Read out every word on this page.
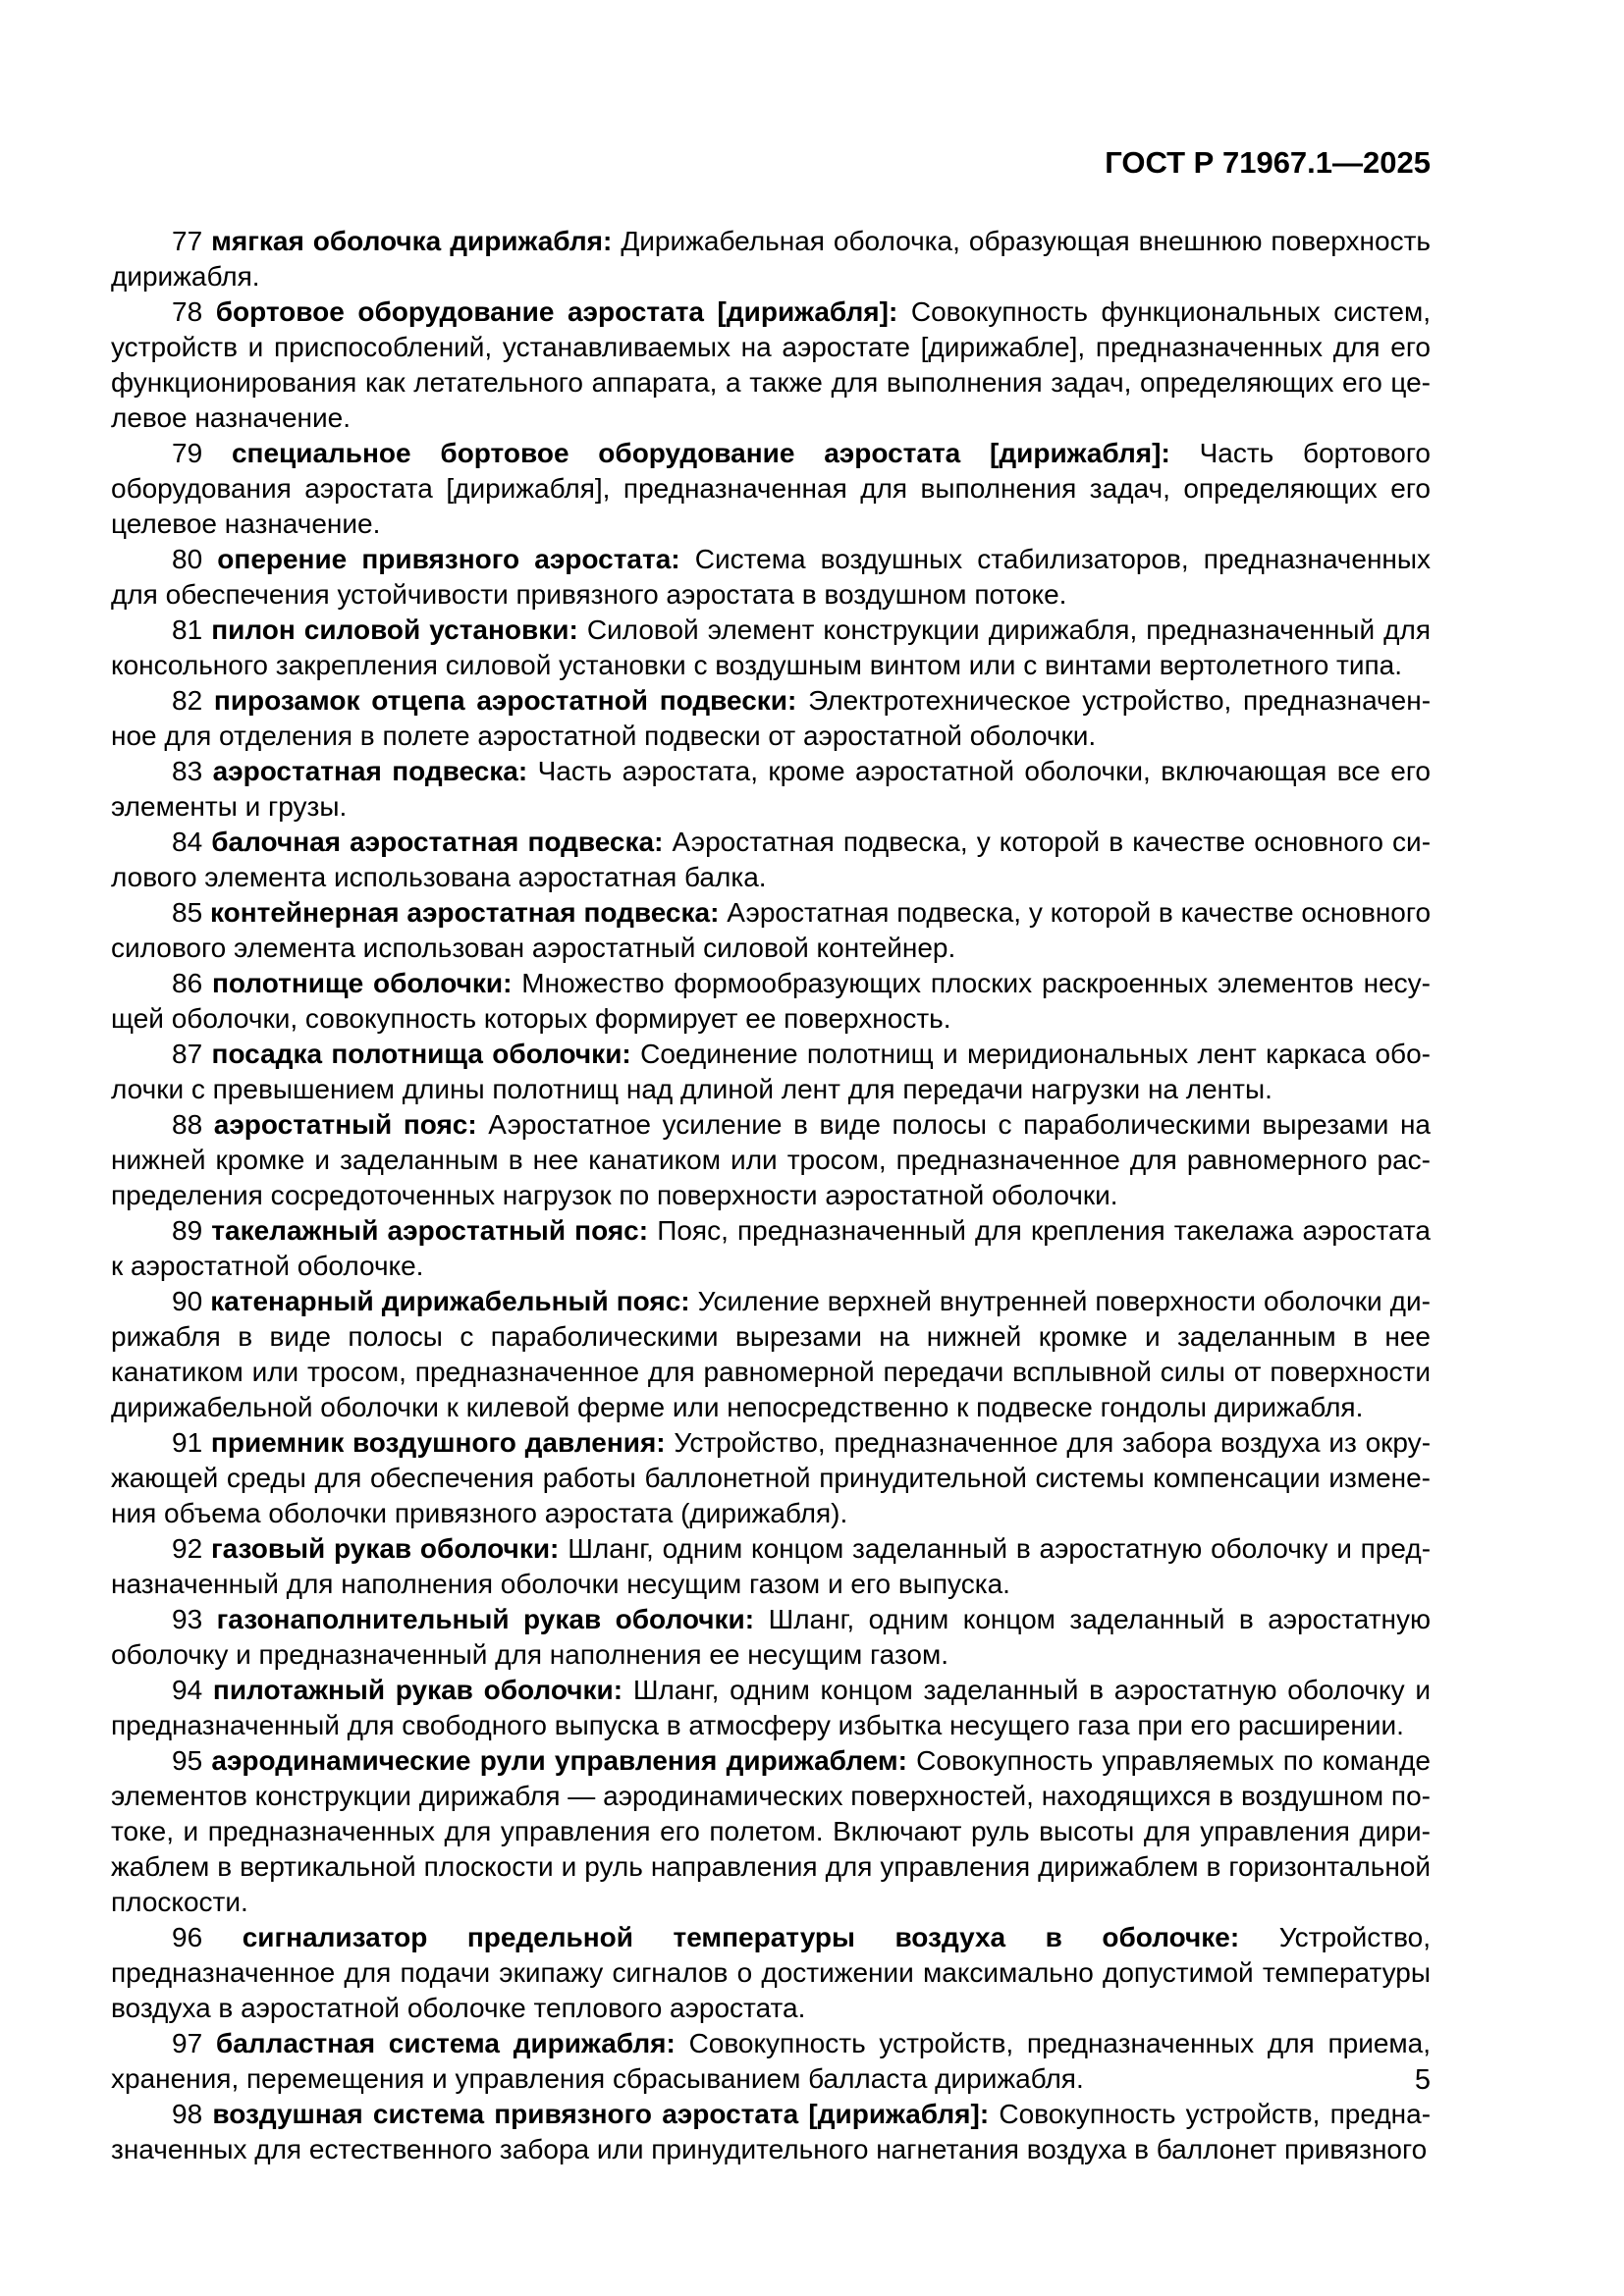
ГОСТ Р 71967.1—2025

77 мягкая оболочка дирижабля: Дирижабельная оболочка, образующая внешнюю поверхность дирижабля.

78 бортовое оборудование аэростата [дирижабля]: Совокупность функциональных систем, устройств и приспособлений, устанавливаемых на аэростате [дирижабле], предназначенных для его функционирования как летательного аппарата, а также для выполнения задач, определяющих его целевое назначение.

79 специальное бортовое оборудование аэростата [дирижабля]: Часть бортового оборудования аэростата [дирижабля], предназначенная для выполнения задач, определяющих его целевое назначение.

80 оперение привязного аэростата: Система воздушных стабилизаторов, предназначенных для обеспечения устойчивости привязного аэростата в воздушном потоке.

81 пилон силовой установки: Силовой элемент конструкции дирижабля, предназначенный для консольного закрепления силовой установки с воздушным винтом или с винтами вертолетного типа.

82 пирозамок отцепа аэростатной подвески: Электротехническое устройство, предназначенное для отделения в полете аэростатной подвески от аэростатной оболочки.

83 аэростатная подвеска: Часть аэростата, кроме аэростатной оболочки, включающая все его элементы и грузы.

84 балочная аэростатная подвеска: Аэростатная подвеска, у которой в качестве основного силового элемента использована аэростатная балка.

85 контейнерная аэростатная подвеска: Аэростатная подвеска, у которой в качестве основного силового элемента использован аэростатный силовой контейнер.

86 полотнище оболочки: Множество формообразующих плоских раскроенных элементов несущей оболочки, совокупность которых формирует ее поверхность.

87 посадка полотнища оболочки: Соединение полотнищ и меридиональных лент каркаса оболочки с превышением длины полотнищ над длиной лент для передачи нагрузки на ленты.

88 аэростатный пояс: Аэростатное усиление в виде полосы с параболическими вырезами на нижней кромке и заделанным в нее канатиком или тросом, предназначенное для равномерного распределения сосредоточенных нагрузок по поверхности аэростатной оболочки.

89 такелажный аэростатный пояс: Пояс, предназначенный для крепления такелажа аэростата к аэростатной оболочке.

90 катенарный дирижабельный пояс: Усиление верхней внутренней поверхности оболочки дирижабля в виде полосы с параболическими вырезами на нижней кромке и заделанным в нее канатиком или тросом, предназначенное для равномерной передачи всплывной силы от поверхности дирижабельной оболочки к килевой ферме или непосредственно к подвеске гондолы дирижабля.

91 приемник воздушного давления: Устройство, предназначенное для забора воздуха из окружающей среды для обеспечения работы баллонетной принудительной системы компенсации изменения объема оболочки привязного аэростата (дирижабля).

92 газовый рукав оболочки: Шланг, одним концом заделанный в аэростатную оболочку и предназначенный для наполнения оболочки несущим газом и его выпуска.

93 газонаполнительный рукав оболочки: Шланг, одним концом заделанный в аэростатную оболочку и предназначенный для наполнения ее несущим газом.

94 пилотажный рукав оболочки: Шланг, одним концом заделанный в аэростатную оболочку и предназначенный для свободного выпуска в атмосферу избытка несущего газа при его расширении.

95 аэродинамические рули управления дирижаблем: Совокупность управляемых по команде элементов конструкции дирижабля — аэродинамических поверхностей, находящихся в воздушном потоке, и предназначенных для управления его полетом. Включают руль высоты для управления дирижаблем в вертикальной плоскости и руль направления для управления дирижаблем в горизонтальной плоскости.

96 сигнализатор предельной температуры воздуха в оболочке: Устройство, предназначенное для подачи экипажу сигналов о достижении максимально допустимой температуры воздуха в аэростатной оболочке теплового аэростата.

97 балластная система дирижабля: Совокупность устройств, предназначенных для приема, хранения, перемещения и управления сбрасыванием балласта дирижабля.

98 воздушная система привязного аэростата [дирижабля]: Совокупность устройств, предназначенных для естественного забора или принудительного нагнетания воздуха в баллонет привязного

5
